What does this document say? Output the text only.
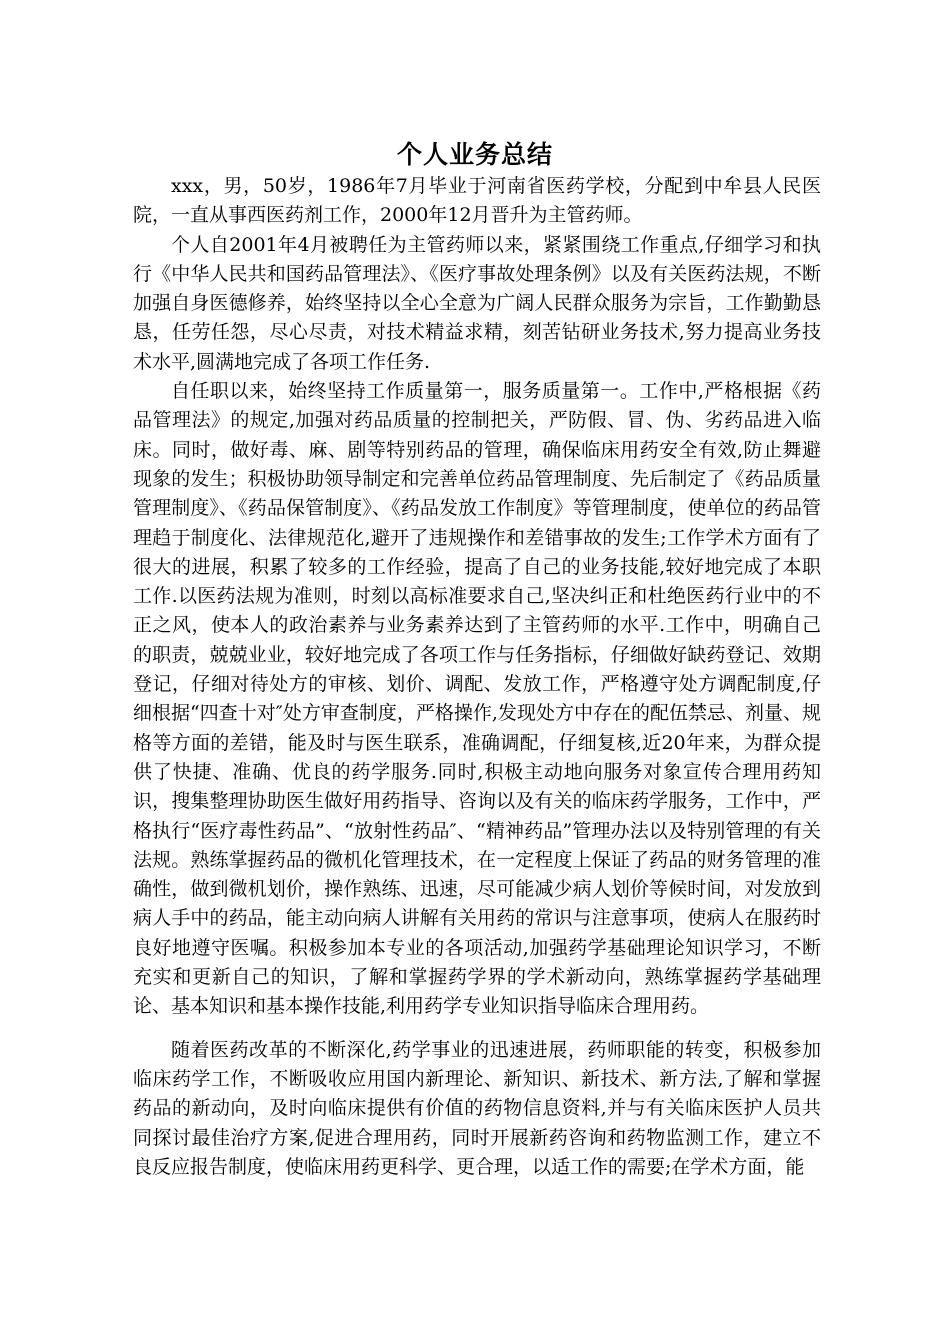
个人业务总结

xxx，男，50岁，1986年7月毕业于河南省医药学校，分配到中牟县人民医院，一直从事西医药剂工作，2000年12月晋升为主管药师。

个人自2001年4月被聘任为主管药师以来，紧紧围绕工作重点,仔细学习和执行《中华人民共和国药品管理法》、《医疗事故处理条例》以及有关医药法规，不断加强自身医德修养，始终坚持以全心全意为广阔人民群众服务为宗旨，工作勤勤恳恳，任劳任怨，尽心尽责，对技术精益求精，刻苦钻研业务技术,努力提高业务技术水平,圆满地完成了各项工作任务.

自任职以来，始终坚持工作质量第一，服务质量第一。工作中,严格根据《药品管理法》的规定,加强对药品质量的控制把关，严防假、冒、伪、劣药品进入临床。同时，做好毒、麻、剧等特别药品的管理，确保临床用药安全有效,防止舞避现象的发生；积极协助领导制定和完善单位药品管理制度、先后制定了《药品质量管理制度》、《药品保管制度》、《药品发放工作制度》等管理制度，使单位的药品管理趋于制度化、法律规范化,避开了违规操作和差错事故的发生;工作学术方面有了很大的进展，积累了较多的工作经验，提高了自己的业务技能,较好地完成了本职工作.以医药法规为准则，时刻以高标准要求自己,坚决纠正和杜绝医药行业中的不正之风，使本人的政治素养与业务素养达到了主管药师的水平.工作中，明确自己的职责，兢兢业业，较好地完成了各项工作与任务指标，仔细做好缺药登记、效期登记，仔细对待处方的审核、划价、调配、发放工作，严格遵守处方调配制度,仔细根据“四查十对″处方审查制度，严格操作,发现处方中存在的配伍禁忌、剂量、规格等方面的差错，能及时与医生联系，准确调配，仔细复核,近20年来，为群众提供了快捷、准确、优良的药学服务.同时,积极主动地向服务对象宣传合理用药知识，搜集整理协助医生做好用药指导、咨询以及有关的临床药学服务，工作中，严格执行“医疗毒性药品”、“放射性药品″、“精神药品”管理办法以及特别管理的有关法规。熟练掌握药品的微机化管理技术，在一定程度上保证了药品的财务管理的准确性，做到微机划价，操作熟练、迅速，尽可能减少病人划价等候时间，对发放到病人手中的药品，能主动向病人讲解有关用药的常识与注意事项，使病人在服药时良好地遵守医嘱。积极参加本专业的各项活动,加强药学基础理论知识学习，不断充实和更新自己的知识，了解和掌握药学界的学术新动向，熟练掌握药学基础理论、基本知识和基本操作技能,利用药学专业知识指导临床合理用药。

随着医药改革的不断深化,药学事业的迅速进展，药师职能的转变，积极参加临床药学工作，不断吸收应用国内新理论、新知识、新技术、新方法,了解和掌握药品的新动向，及时向临床提供有价值的药物信息资料,并与有关临床医护人员共同探讨最佳治疗方案,促进合理用药，同时开展新药咨询和药物监测工作，建立不良反应报告制度，使临床用药更科学、更合理，以适工作的需要;在学术方面，能
